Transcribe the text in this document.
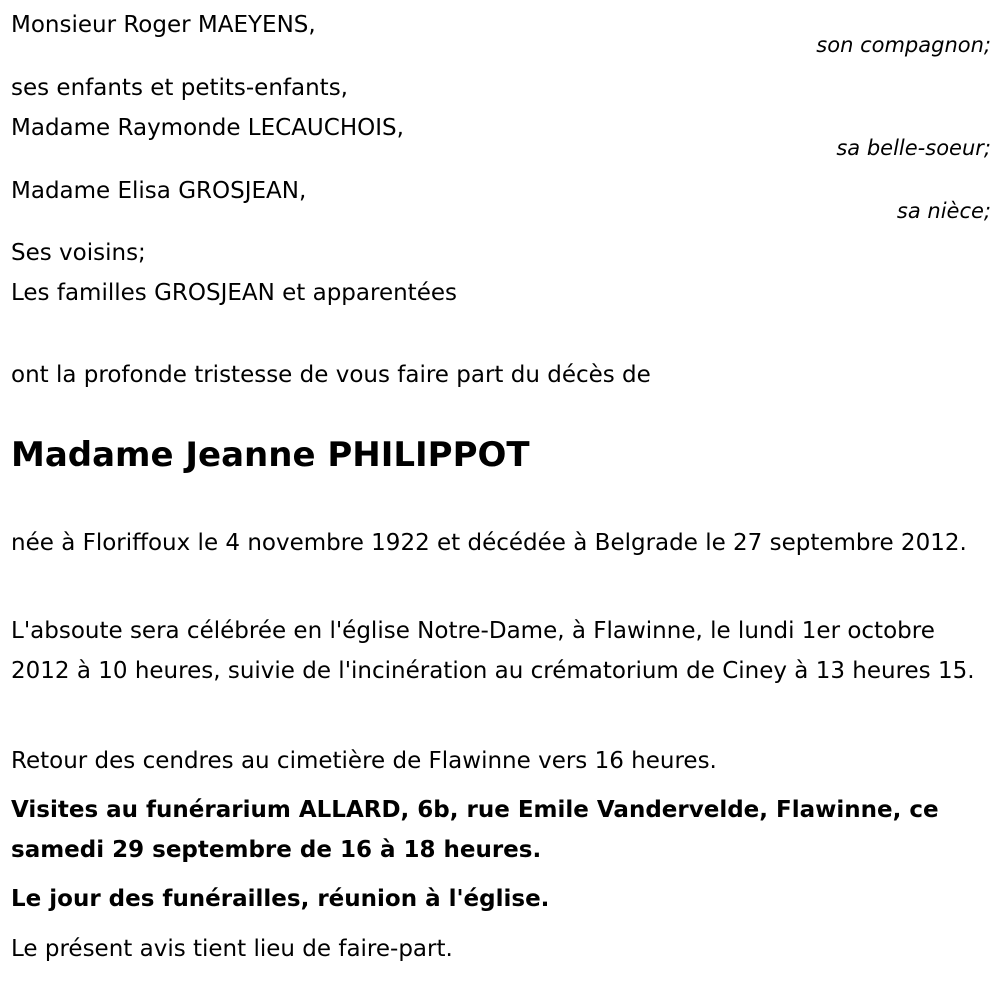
Monsieur Roger MAEYENS,

son compagnon;

ses enfants et petits-enfants,

Madame Raymonde LECAUCHOIS,

sa belle-soeur;

Madame Elisa GROSJEAN,

sa nièce;

Ses voisins;

Les familles GROSJEAN et apparentées

ont la profonde tristesse de vous faire part du décès de

Madame Jeanne PHILIPPOT

née à Floriffoux le 4 novembre 1922 et décédée à Belgrade le 27 septembre 2012.

L'absoute sera célébrée en l'église Notre-Dame, à Flawinne, le lundi 1er octobre 2012 à 10 heures, suivie de l'incinération au crématorium de Ciney à 13 heures 15.

Retour des cendres au cimetière de Flawinne vers 16 heures.

Visites au funérarium ALLARD, 6b, rue Emile Vandervelde, Flawinne, ce samedi 29 septembre de 16 à 18 heures.

Le jour des funérailles, réunion à l'église.

Le présent avis tient lieu de faire-part.
